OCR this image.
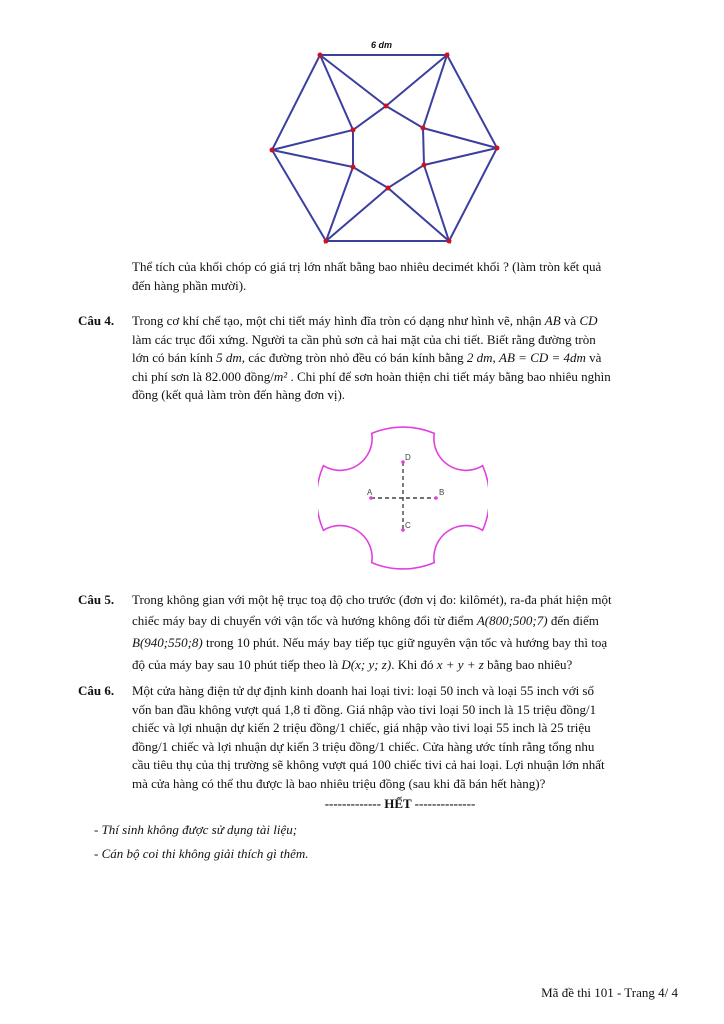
6 dm
Thể tích của khối chóp có giá trị lớn nhất bằng bao nhiêu decimét khối ? (làm tròn kết quả
đến hàng phần mười).
Câu 4. Trong cơ khí chế tạo, một chi tiết máy hình đĩa tròn có dạng như hình vẽ, nhận AB và CD
làm các trục đối xứng. Người ta cần phủ sơn cả hai mặt của chi tiết. Biết rằng đường tròn
lớn có bán kính 5 dm, các đường tròn nhỏ đều có bán kính bằng 2 dm, AB = CD = 4dm và
chi phí sơn là 82.000 đồng/m² . Chi phí để sơn hoàn thiện chi tiết máy bằng bao nhiêu nghìn
đồng (kết quả làm tròn đến hàng đơn vị).
A	B
D
C
Câu 5. Trong không gian với một hệ trục toạ độ cho trước (đơn vị đo: kilômét), ra-đa phát hiện một
chiếc máy bay di chuyển với vận tốc và hướng không đổi từ điểm A(800;500;7) đến điểm
B(940;550;8) trong 10 phút. Nếu máy bay tiếp tục giữ nguyên vận tốc và hướng bay thì toạ
độ của máy bay sau 10 phút tiếp theo là D(x; y; z). Khi đó x + y + z bằng bao nhiêu?
Câu 6. Một cửa hàng điện tử dự định kinh doanh hai loại tivi: loại 50 inch và loại 55 inch với số
vốn ban đầu không vượt quá 1,8 tỉ đồng. Giá nhập vào tivi loại 50 inch là 15 triệu đồng/1
chiếc và lợi nhuận dự kiến 2 triệu đồng/1 chiếc, giá nhập vào tivi loại 55 inch là 25 triệu
đồng/1 chiếc và lợi nhuận dự kiến 3 triệu đồng/1 chiếc. Cửa hàng ước tính rằng tổng nhu
cầu tiêu thụ của thị trường sẽ không vượt quá 100 chiếc tivi cả hai loại. Lợi nhuận lớn nhất
mà cửa hàng có thể thu được là bao nhiêu triệu đồng (sau khi đã bán hết hàng)?
------------- HẾT --------------
- Thí sinh không được sử dụng tài liệu;
- Cán bộ coi thi không giải thích gì thêm.
Mã đề thi 101 - Trang 4/ 4
